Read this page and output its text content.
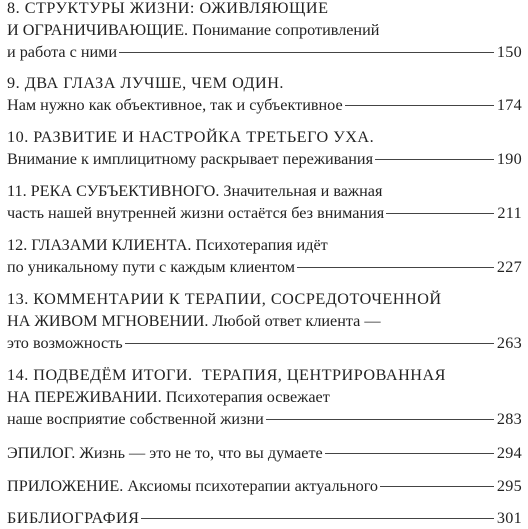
8. СТРУКТУРЫ ЖИЗНИ: ОЖИВЛЯЮЩИЕ
И ОГРАНИЧИВАЮЩИЕ. Понимание сопротивлений
и работа с ними	150
9. ДВА ГЛАЗА ЛУЧШЕ, ЧЕМ ОДИН.
Нам нужно как объективное, так и субъективное	174
10. РАЗВИТИЕ И НАСТРОЙКА ТРЕТЬЕГО УХА.
Внимание к имплицитному раскрывает переживания	190
11. РЕКА СУБЪЕКТИВНОГО. Значительная и важная
часть нашей внутренней жизни остаётся без внимания	211
12. ГЛАЗАМИ КЛИЕНТА. Психотерапия идёт
по уникальному пути с каждым клиентом	227
13. КОММЕНТАРИИ К ТЕРАПИИ, СОСРЕДОТОЧЕННОЙ
НА ЖИВОМ МГНОВЕНИИ. Любой ответ клиента —
это возможность	263
14. ПОДВЕДЁМ ИТОГИ.  ТЕРАПИЯ, ЦЕНТРИРОВАННАЯ
НА ПЕРЕЖИВАНИИ. Психотерапия освежает
наше восприятие собственной жизни	283
ЭПИЛОГ. Жизнь — это не то, что вы думаете	294
ПРИЛОЖЕНИЕ. Аксиомы психотерапии актуального	295
БИБЛИОГРАФИЯ	301
